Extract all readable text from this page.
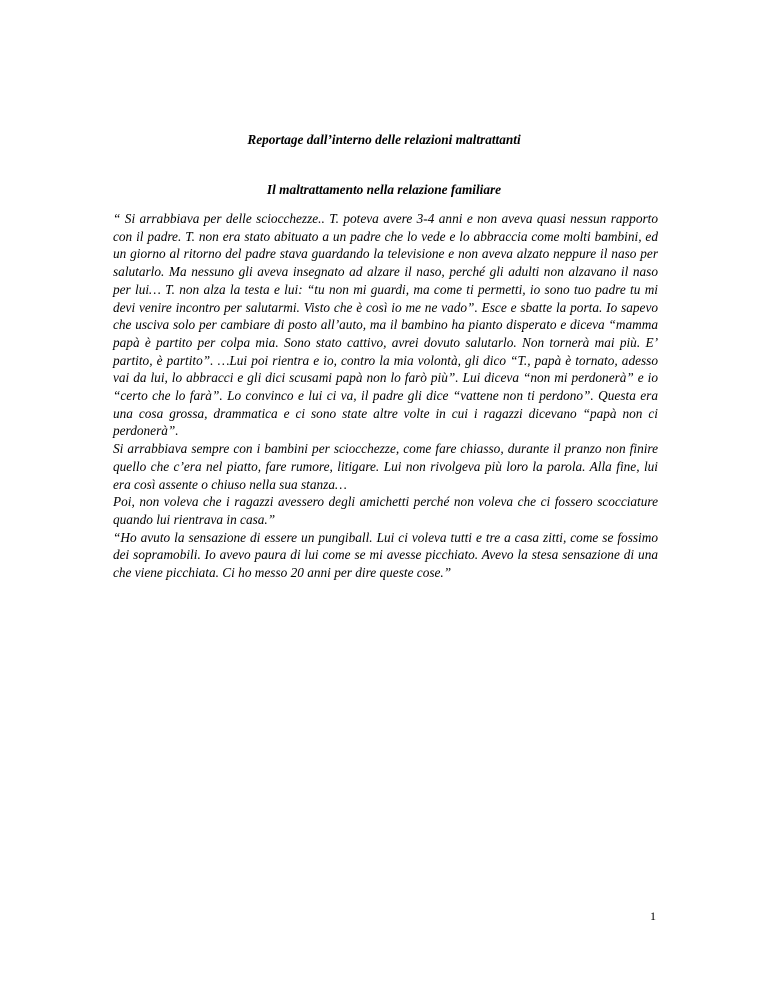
Reportage dall’interno delle relazioni maltrattanti
Il maltrattamento nella relazione familiare

“ Si arrabbiava per delle sciocchezze.. T. poteva avere 3-4 anni e non aveva quasi nessun rapporto con il padre. T. non era stato abituato a un padre che lo vede e lo abbraccia come molti bambini, ed un giorno al ritorno del padre stava guardando la televisione e non aveva alzato neppure il naso per salutarlo. Ma nessuno gli aveva insegnato ad alzare il naso, perché gli adulti non alzavano il naso per lui… T. non alza la testa e lui: “tu non mi guardi, ma come ti permetti, io sono tuo padre tu mi devi venire incontro per salutarmi. Visto che è così io me ne vado”. Esce e sbatte la porta. Io sapevo che usciva solo per cambiare di posto all’auto, ma il bambino ha pianto disperato e diceva “mamma papà è partito per colpa mia. Sono stato cattivo, avrei dovuto salutarlo. Non tornerà mai più. E’ partito, è partito”. …Lui poi rientra e io, contro la mia volontà, gli dico “T., papà è tornato, adesso vai da lui, lo abbracci e gli dici scusami papà non lo farò più”. Lui diceva “non mi perdonerà” e io “certo che lo farà”. Lo convinco e lui ci va, il padre gli dice “vattene non ti perdono”. Questa era una cosa grossa, drammatica e ci sono state altre volte in cui i ragazzi dicevano “papà non ci perdonerà”.

Si arrabbiava sempre con i bambini per sciocchezze, come fare chiasso, durante il pranzo non finire quello che c’era nel piatto, fare rumore, litigare. Lui non rivolgeva più loro la parola. Alla fine, lui era così assente o chiuso nella sua stanza…

Poi, non voleva che i ragazzi avessero degli amichetti perché non voleva che ci fossero scocciature quando lui rientrava in casa.”

“Ho avuto la sensazione di essere un pungiball. Lui ci voleva tutti e tre a casa zitti, come se fossimo dei sopramobili. Io avevo paura di lui come se mi avesse picchiato. Avevo la stesa sensazione di una che viene picchiata. Ci ho messo 20 anni per dire queste cose.”

1
